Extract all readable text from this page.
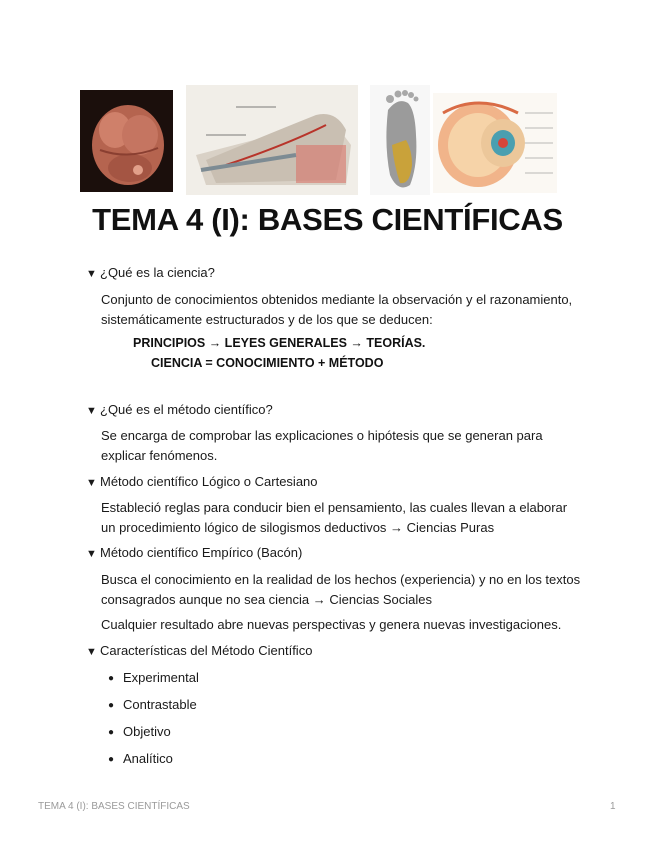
TEMA 4 (I): BASES CIENTÍFICAS
▼ ¿Qué es la ciencia?
Conjunto de conocimientos obtenidos mediante la observación y el razonamiento,
sistemáticamente estructurados y de los que se deducen:
PRINCIPIOS → LEYES GENERALES → TEORÍAS.
CIENCIA = CONOCIMIENTO + MÉTODO
▼ ¿Qué es el método científico?
Se encarga de comprobar las explicaciones o hipótesis que se generan para
explicar fenómenos.
▼ Método científico Lógico o Cartesiano
Estableció reglas para conducir bien el pensamiento, las cuales llevan a elaborar
un procedimiento lógico de silogismos deductivos → Ciencias Puras
▼ Método científico Empírico (Bacón)
Busca el conocimiento en la realidad de los hechos (experiencia) y no en los textos
consagrados aunque no sea ciencia → Ciencias Sociales
Cualquier resultado abre nuevas perspectivas y genera nuevas investigaciones.
▼ Características del Método Científico
● Experimental
● Contrastable
● Objetivo
● Analítico
TEMA 4 (I): BASES CIENTÍFICAS	1
